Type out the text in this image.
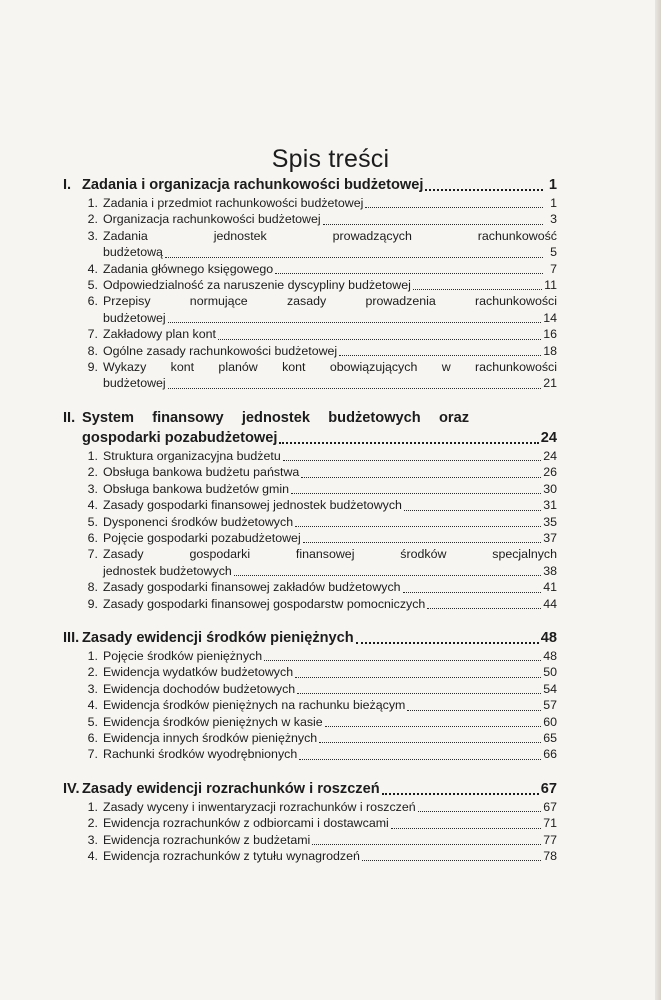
Spis treści
I. Zadania i organizacja rachunkowości budżetowej	1
1. Zadania i przedmiot rachunkowości budżetowej	1
2. Organizacja rachunkowości budżetowej	3
3. Zadania jednostek prowadzących rachunkowość
budżetową	5
4. Zadania głównego księgowego	7
5. Odpowiedzialność za naruszenie dyscypliny budżetowej	11
6. Przepisy normujące zasady prowadzenia rachunkowości
budżetowej	14
7. Zakładowy plan kont	16
8. Ogólne zasady rachunkowości budżetowej	18
9. Wykazy kont planów kont obowiązujących w rachunkowości
budżetowej	21
II. System finansowy jednostek budżetowych oraz
gospodarki pozabudżetowej	24
1. Struktura organizacyjna budżetu	24
2. Obsługa bankowa budżetu państwa	26
3. Obsługa bankowa budżetów gmin	30
4. Zasady gospodarki finansowej jednostek budżetowych	31
5. Dysponenci środków budżetowych	35
6. Pojęcie gospodarki pozabudżetowej	37
7. Zasady gospodarki finansowej środków specjalnych
jednostek budżetowych	38
8. Zasady gospodarki finansowej zakładów budżetowych	41
9. Zasady gospodarki finansowej gospodarstw pomocniczych	44
III. Zasady ewidencji środków pieniężnych	48
1. Pojęcie środków pieniężnych	48
2. Ewidencja wydatków budżetowych	50
3. Ewidencja dochodów budżetowych	54
4. Ewidencja środków pieniężnych na rachunku bieżącym	57
5. Ewidencja środków pieniężnych w kasie	60
6. Ewidencja innych środków pieniężnych	65
7. Rachunki środków wyodrębnionych	66
IV. Zasady ewidencji rozrachunków i roszczeń	67
1. Zasady wyceny i inwentaryzacji rozrachunków i roszczeń	67
2. Ewidencja rozrachunków z odbiorcami i dostawcami	71
3. Ewidencja rozrachunków z budżetami	77
4. Ewidencja rozrachunków z tytułu wynagrodzeń	78
